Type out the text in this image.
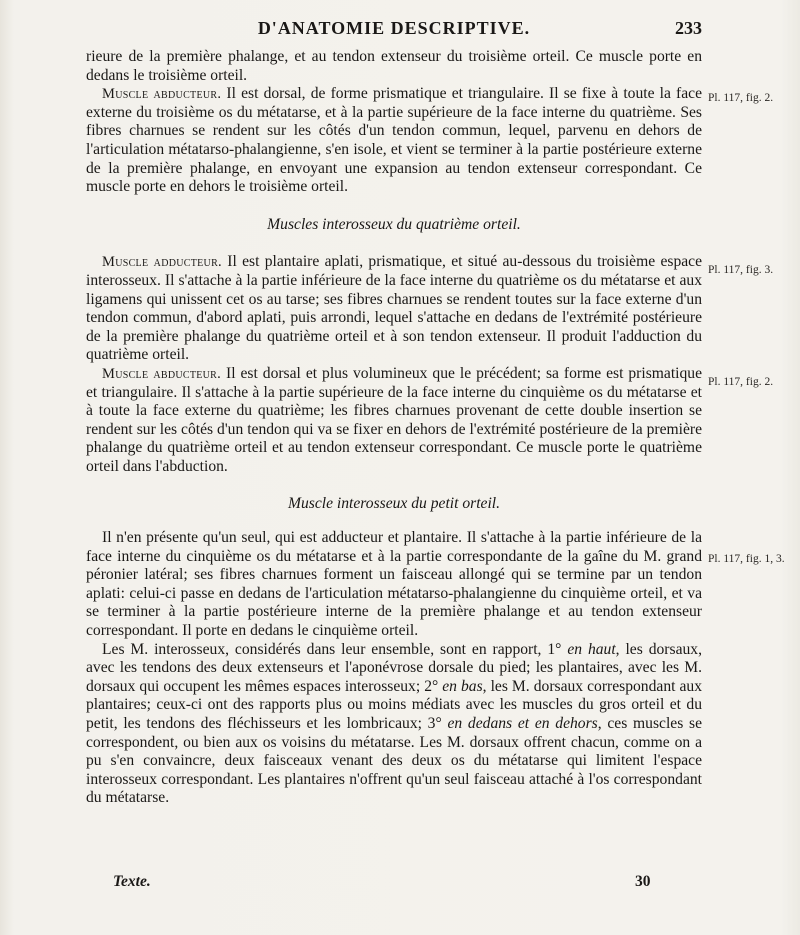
D'ANATOMIE DESCRIPTIVE.	233

rieure de la première phalange, et au tendon extenseur du troisième orteil. Ce muscle porte en dedans le troisième orteil.

Muscle abducteur. Il est dorsal, de forme prismatique et triangulaire. Il se fixe à toute la face externe du troisième os du métatarse, et à la partie supérieure de la face interne du quatrième. Ses fibres charnues se rendent sur les côtés d'un tendon commun, lequel, parvenu en dehors de l'articulation métatarso-phalangienne, s'en isole, et vient se terminer à la partie postérieure externe de la première phalange, en envoyant une expansion au tendon extenseur correspondant. Ce muscle porte en dehors le troisième orteil.

Muscles interosseux du quatrième orteil.

Muscle adducteur. Il est plantaire aplati, prismatique, et situé au-dessous du troisième espace interosseux. Il s'attache à la partie inférieure de la face interne du quatrième os du métatarse et aux ligamens qui unissent cet os au tarse; ses fibres charnues se rendent toutes sur la face externe d'un tendon commun, d'abord aplati, puis arrondi, lequel s'attache en dedans de l'extrémité postérieure de la première phalange du quatrième orteil et à son tendon extenseur. Il produit l'adduction du quatrième orteil.

Muscle abducteur. Il est dorsal et plus volumineux que le précédent; sa forme est prismatique et triangulaire. Il s'attache à la partie supérieure de la face interne du cinquième os du métatarse et à toute la face externe du quatrième; les fibres charnues provenant de cette double insertion se rendent sur les côtés d'un tendon qui va se fixer en dehors de l'extrémité postérieure de la première phalange du quatrième orteil et au tendon extenseur correspondant. Ce muscle porte le quatrième orteil dans l'abduction.

Muscle interosseux du petit orteil.

Il n'en présente qu'un seul, qui est adducteur et plantaire. Il s'attache à la partie inférieure de la face interne du cinquième os du métatarse et à la partie correspondante de la gaîne du M. grand péronier latéral; ses fibres charnues forment un faisceau allongé qui se termine par un tendon aplati: celui-ci passe en dedans de l'articulation métatarso-phalangienne du cinquième orteil, et va se terminer à la partie postérieure interne de la première phalange et au tendon extenseur correspondant. Il porte en dedans le cinquième orteil.

Les M. interosseux, considérés dans leur ensemble, sont en rapport, 1° en haut, les dorsaux, avec les tendons des deux extenseurs et l'aponévrose dorsale du pied; les plantaires, avec les M. dorsaux qui occupent les mêmes espaces interosseux; 2° en bas, les M. dorsaux correspondant aux plantaires; ceux-ci ont des rapports plus ou moins médiats avec les muscles du gros orteil et du petit, les tendons des fléchisseurs et les lombricaux; 3° en dedans et en dehors, ces muscles se correspondent, ou bien aux os voisins du métatarse. Les M. dorsaux offrent chacun, comme on a pu s'en convaincre, deux faisceaux venant des deux os du métatarse qui limitent l'espace interosseux correspondant. Les plantaires n'offrent qu'un seul faisceau attaché à l'os correspondant du métatarse.

Pl. 117, fig. 2.
Pl. 117, fig. 3.
Pl. 117, fig. 2.
Pl. 117, fig. 1, 3.
Texte.	30
